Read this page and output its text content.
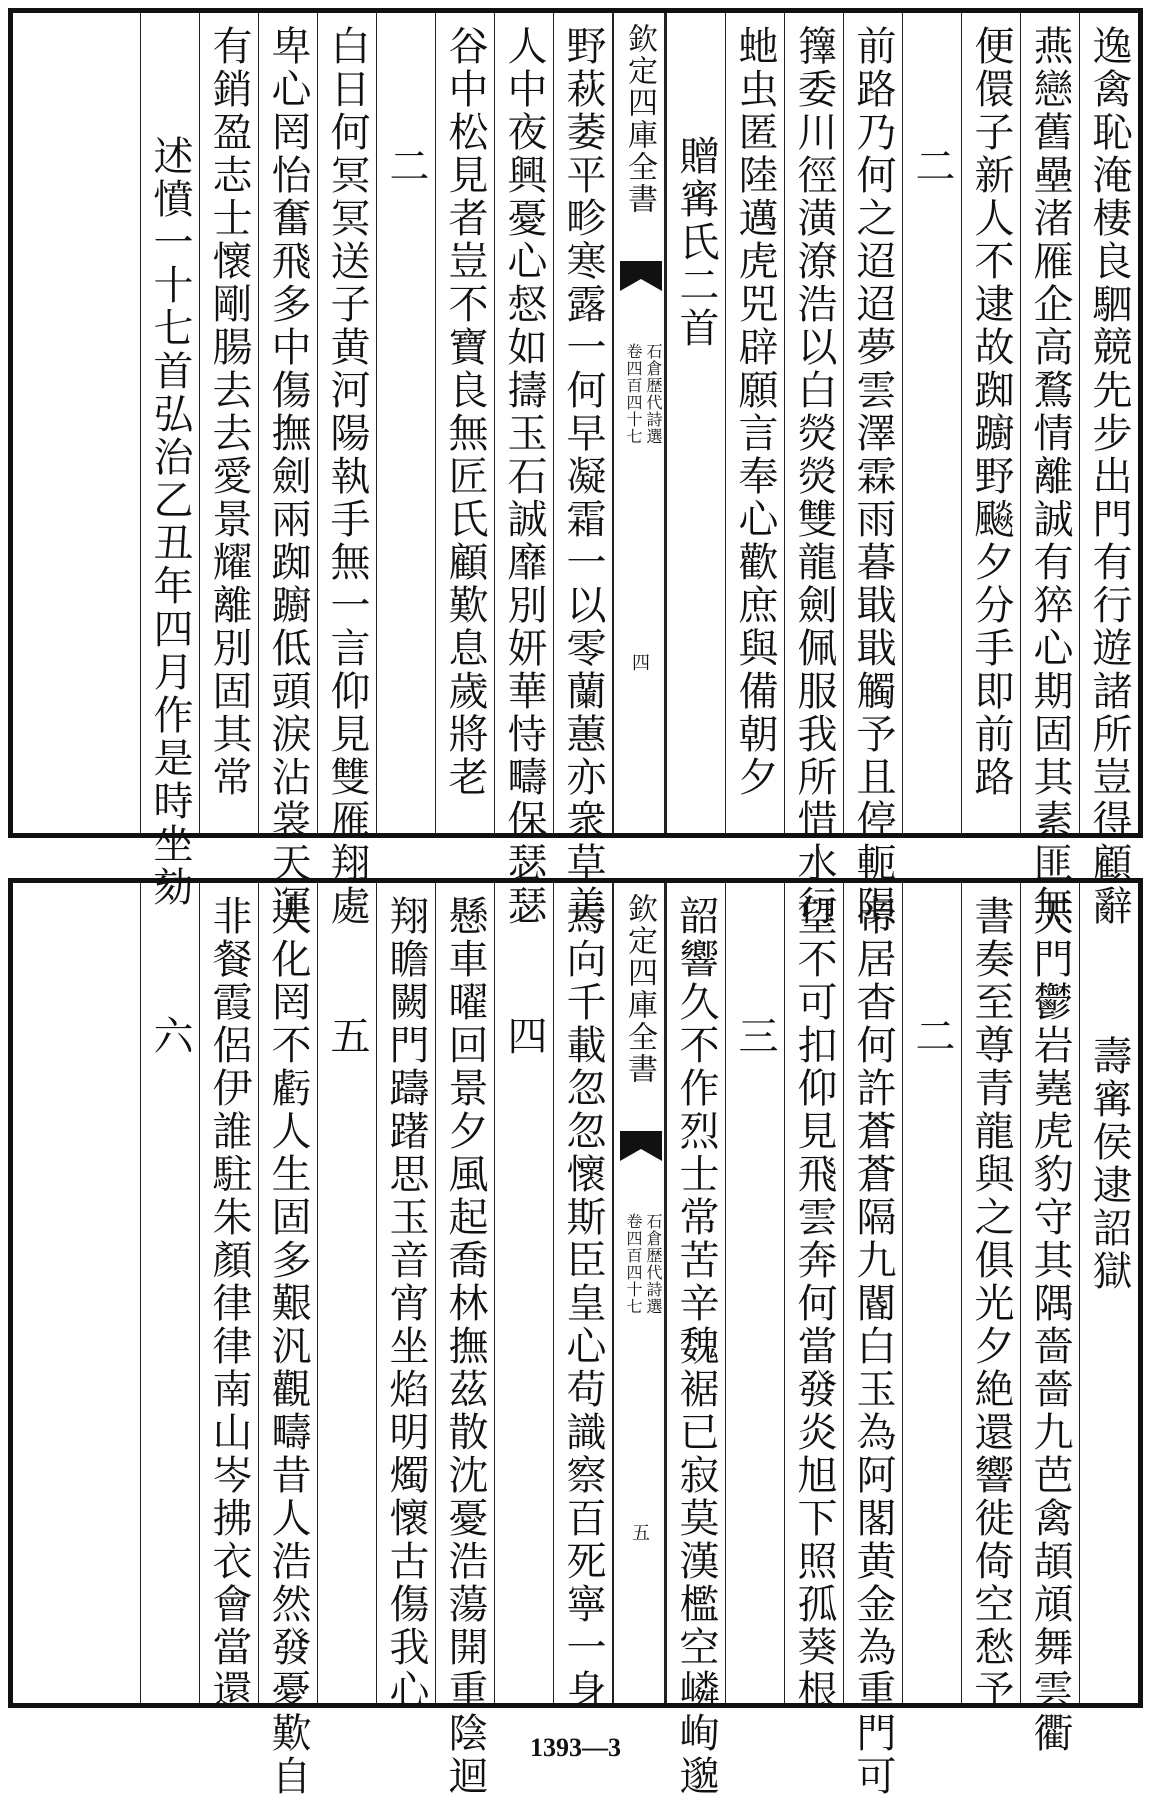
逸禽恥淹棲良駟競先步出門有行遊諸所豈得顧辭
燕戀舊壘渚雁企高鶩情離誠有猝心期固其素匪無
便儇子新人不逮故踟躕野飈夕分手即前路
二
前路乃何之迢迢夢雲澤霖雨暮戢戢觸予且停軛隕
籜委川徑潢潦浩以白熒熒雙龍劍佩服我所惜水行
虵虫匿陸邁虎兕辟願言奉心歡庶與備朝夕
贈寗氏二首
欽定四庫全書
石倉歴代詩選
卷四百四十七
四
野萩萎平畛寒露一何早凝霜一以零蘭蕙亦衆草美
人中夜興憂心惄如擣玉石誠靡別妍華恃疇保瑟瑟
谷中松見者豈不寶良無匠氏顧歎息歲將老
二
白日何冥冥送子黄河陽執手無一言仰見雙雁翔處
卑心罔怡奮飛多中傷撫劍兩踟躕低頭淚沾裳天運
有銷盈志士懷剛腸去去愛景耀離別固其常
述憤一十七首弘治乙丑年四月作是時坐劾
壽寗侯逮詔獄
天門鬱岩嶤虎豹守其隅嗇嗇九芭禽頡頏舞雲衢
書奏至尊青龍與之俱光夕絶還響徙倚空愁予
二
帝居杳何許蒼蒼隔九閽白玉為阿閣黄金為重門可
望不可扣仰見飛雲奔何當發炎旭下照孤葵根
三
韶響久不作烈士常苦辛魏裾已寂莫漢檻空嶙峋邈
欽定四庫全書
石倉歴代詩選
卷四百四十七
五
焉向千載忽忽懷斯臣皇心苟識察百死寧一身
四
懸車曜回景夕風起喬林撫茲散沈憂浩蕩開重陰迴
翔瞻闕門躊躇思玉音宵坐焰明燭懷古傷我心
五
大化罔不虧人生固多艱汎觀疇昔人浩然發憂歎自
非餐霞侶伊誰駐朱顏律律南山岑拂衣會當還
六
1393—3
